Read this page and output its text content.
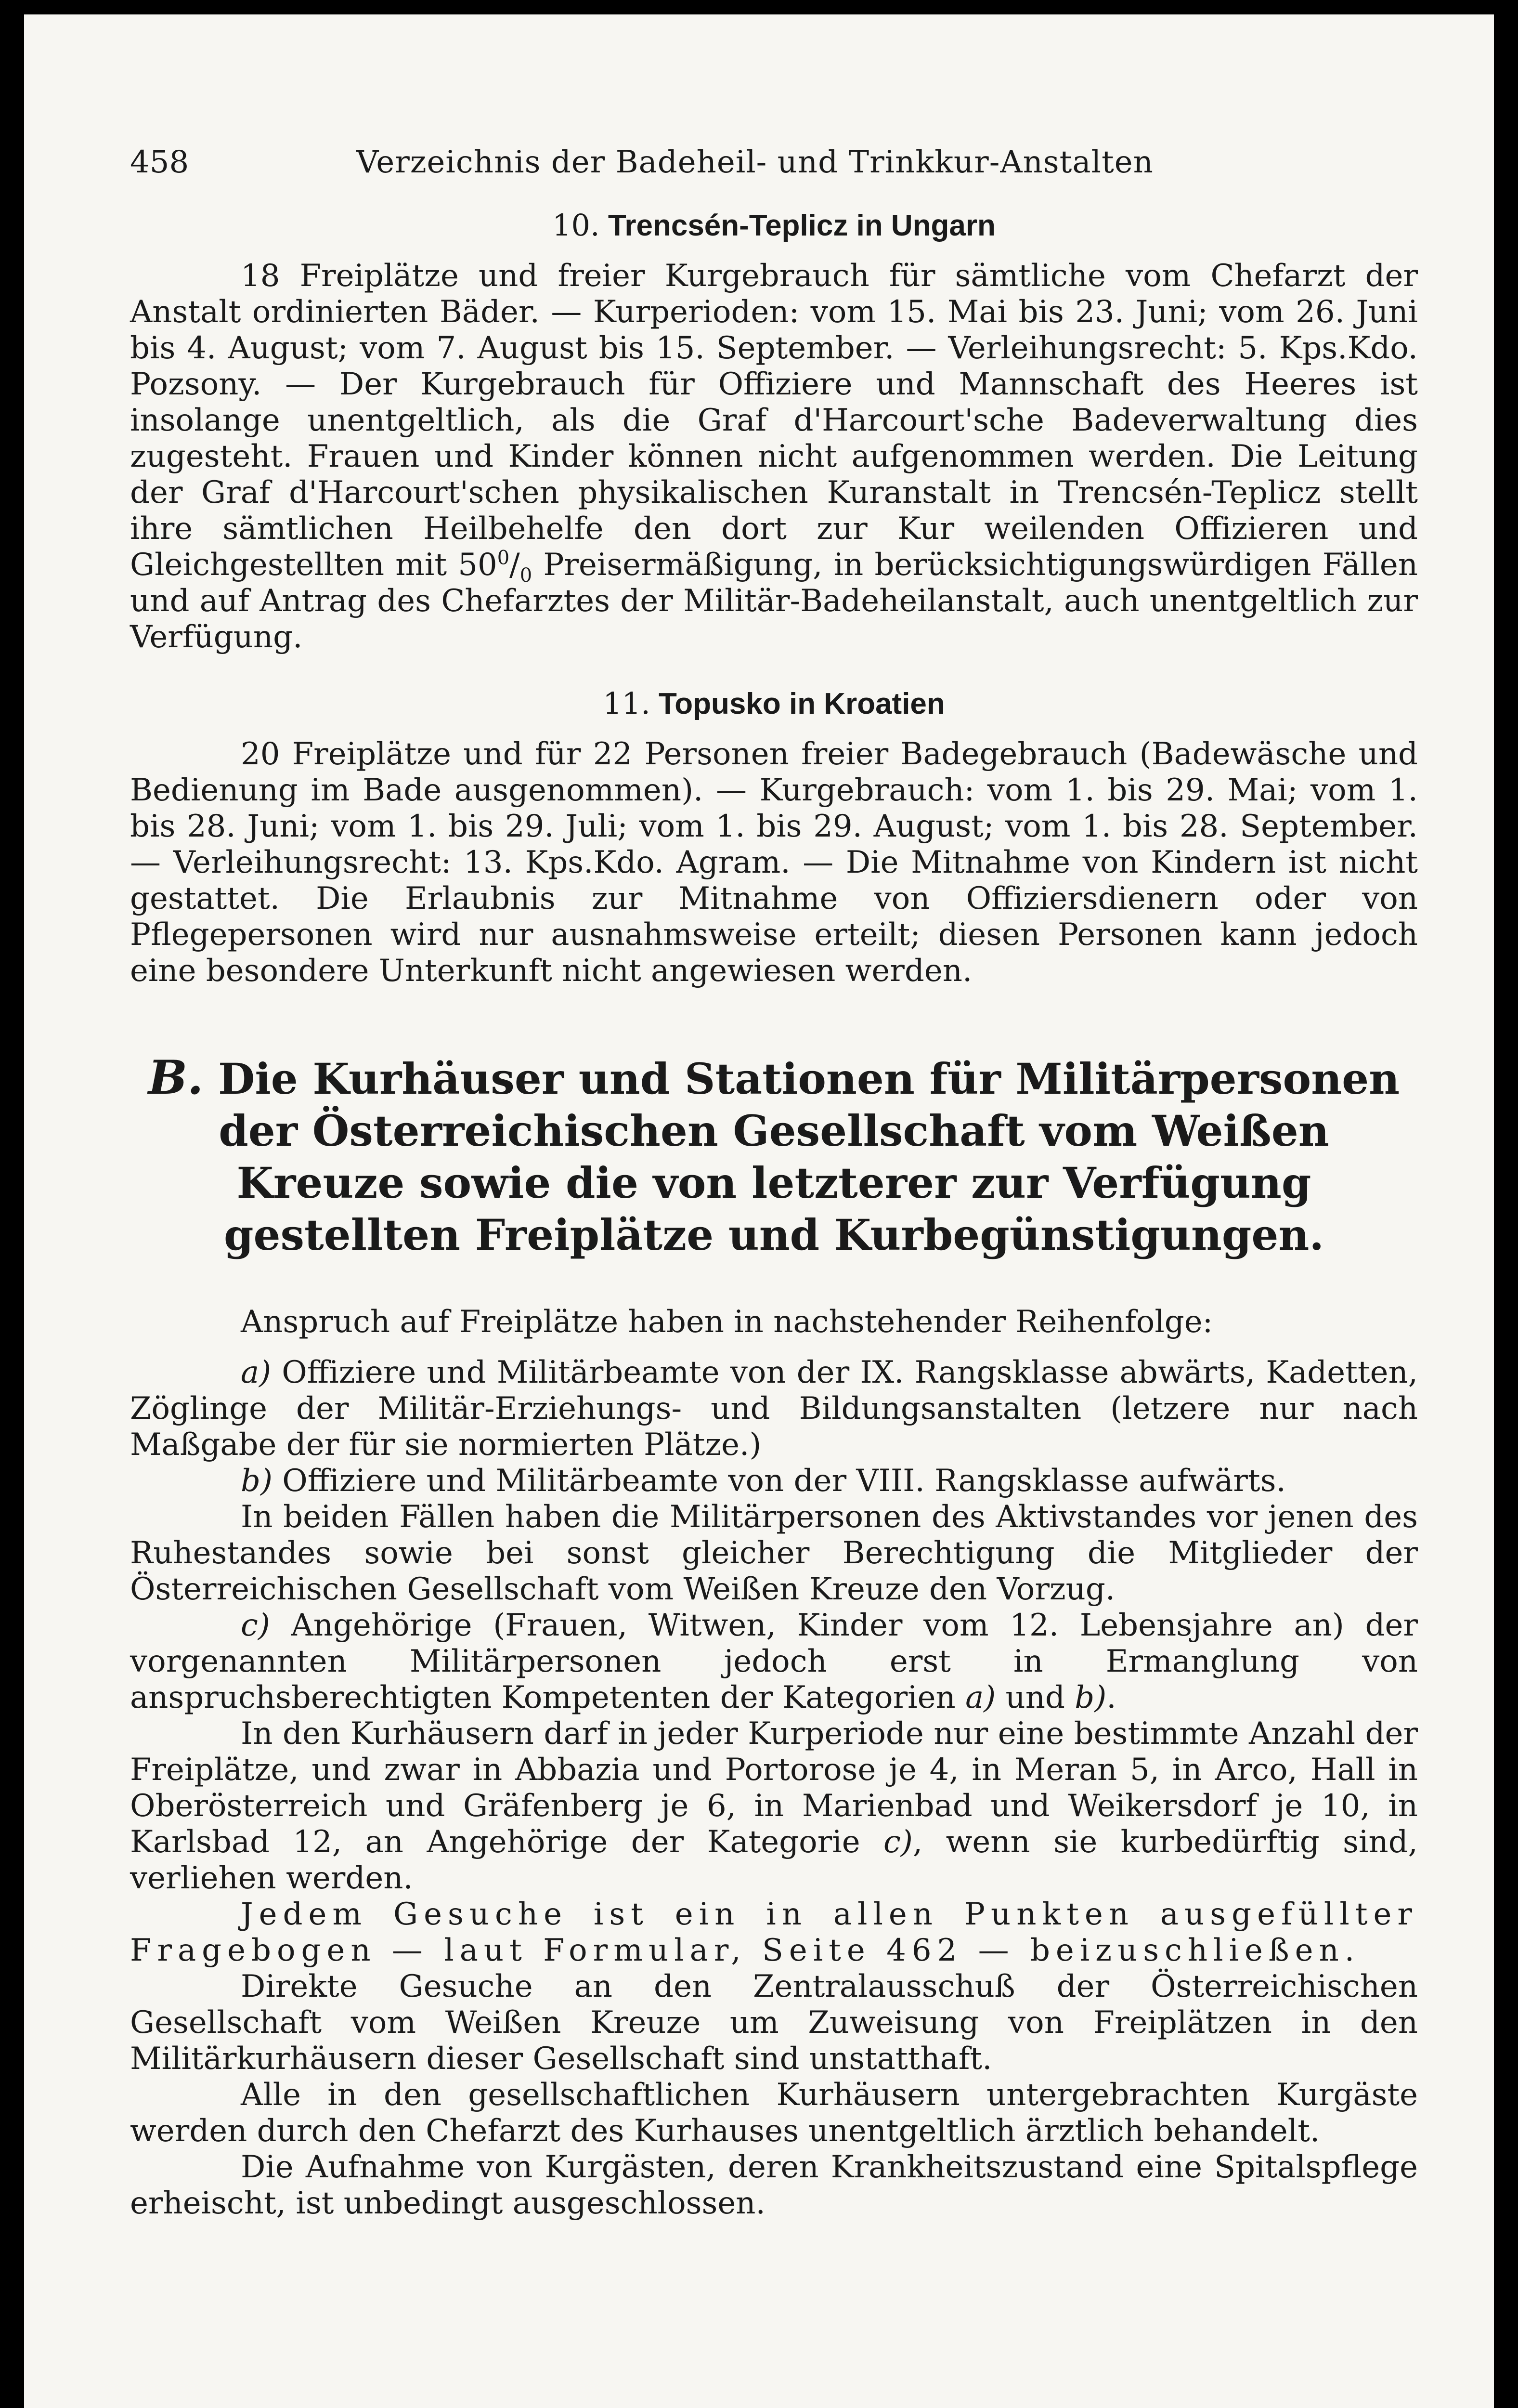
458	Verzeichnis der Badeheil- und Trinkkur-Anstalten
10. Trencsén-Teplicz in Ungarn

18 Freiplätze und freier Kurgebrauch für sämtliche vom Chefarzt der Anstalt ordinierten Bäder. — Kurperioden: vom 15. Mai bis 23. Juni; vom 26. Juni bis 4. August; vom 7. August bis 15. September. — Verleihungsrecht: 5. Kps.Kdo. Pozsony. — Der Kurgebrauch für Offiziere und Mannschaft des Heeres ist insolange unentgeltlich, als die Graf d'Harcourt'sche Badeverwaltung dies zugesteht. Frauen und Kinder können nicht aufgenommen werden. Die Leitung der Graf d'Harcourt'schen physikalischen Kuranstalt in Trencsén-Teplicz stellt ihre sämtlichen Heilbehelfe den dort zur Kur weilenden Offizieren und Gleichgestellten mit $50^0/_0$ Preisermäßigung, in berücksichtigungswürdigen Fällen und auf Antrag des Chefarztes der Militär-Badeheilanstalt, auch unentgeltlich zur Verfügung.

11. Topusko in Kroatien

20 Freiplätze und für 22 Personen freier Badegebrauch (Badewäsche und Bedienung im Bade ausgenommen). — Kurgebrauch: vom 1. bis 29. Mai; vom 1. bis 28. Juni; vom 1. bis 29. Juli; vom 1. bis 29. August; vom 1. bis 28. September. — Verleihungsrecht: 13. Kps.Kdo. Agram. — Die Mitnahme von Kindern ist nicht gestattet. Die Erlaubnis zur Mitnahme von Offiziersdienern oder von Pflegepersonen wird nur ausnahmsweise erteilt; diesen Personen kann jedoch eine besondere Unterkunft nicht angewiesen werden.

B. Die Kurhäuser und Stationen für Militärpersonen der Österreichischen Gesellschaft vom Weißen Kreuze sowie die von letzterer zur Verfügung gestellten Freiplätze und Kurbegünstigungen.

Anspruch auf Freiplätze haben in nachstehender Reihenfolge:

a) Offiziere und Militärbeamte von der IX. Rangsklasse abwärts, Kadetten, Zöglinge der Militär-Erziehungs- und Bildungsanstalten (letzere nur nach Maßgabe der für sie normierten Plätze.)

b) Offiziere und Militärbeamte von der VIII. Rangsklasse aufwärts.

In beiden Fällen haben die Militärpersonen des Aktivstandes vor jenen des Ruhestandes sowie bei sonst gleicher Berechtigung die Mitglieder der Österreichischen Gesellschaft vom Weißen Kreuze den Vorzug.

c) Angehörige (Frauen, Witwen, Kinder vom 12. Lebensjahre an) der vorgenannten Militärpersonen jedoch erst in Ermanglung von anspruchsberechtigten Kompetenten der Kategorien a) und b).

In den Kurhäusern darf in jeder Kurperiode nur eine bestimmte Anzahl der Freiplätze, und zwar in Abbazia und Portorose je 4, in Meran 5, in Arco, Hall in Oberösterreich und Gräfenberg je 6, in Marienbad und Weikersdorf je 10, in Karlsbad 12, an Angehörige der Kategorie c), wenn sie kurbedürftig sind, verliehen werden.

Jedem Gesuche ist ein in allen Punkten ausgefüllter Fragebogen — laut Formular, Seite 462 — beizuschließen.

Direkte Gesuche an den Zentralausschuß der Österreichischen Gesellschaft vom Weißen Kreuze um Zuweisung von Freiplätzen in den Militärkurhäusern dieser Gesellschaft sind unstatthaft.

Alle in den gesellschaftlichen Kurhäusern untergebrachten Kurgäste werden durch den Chefarzt des Kurhauses unentgeltlich ärztlich behandelt.

Die Aufnahme von Kurgästen, deren Krankheitszustand eine Spitalspflege erheischt, ist unbedingt ausgeschlossen.
